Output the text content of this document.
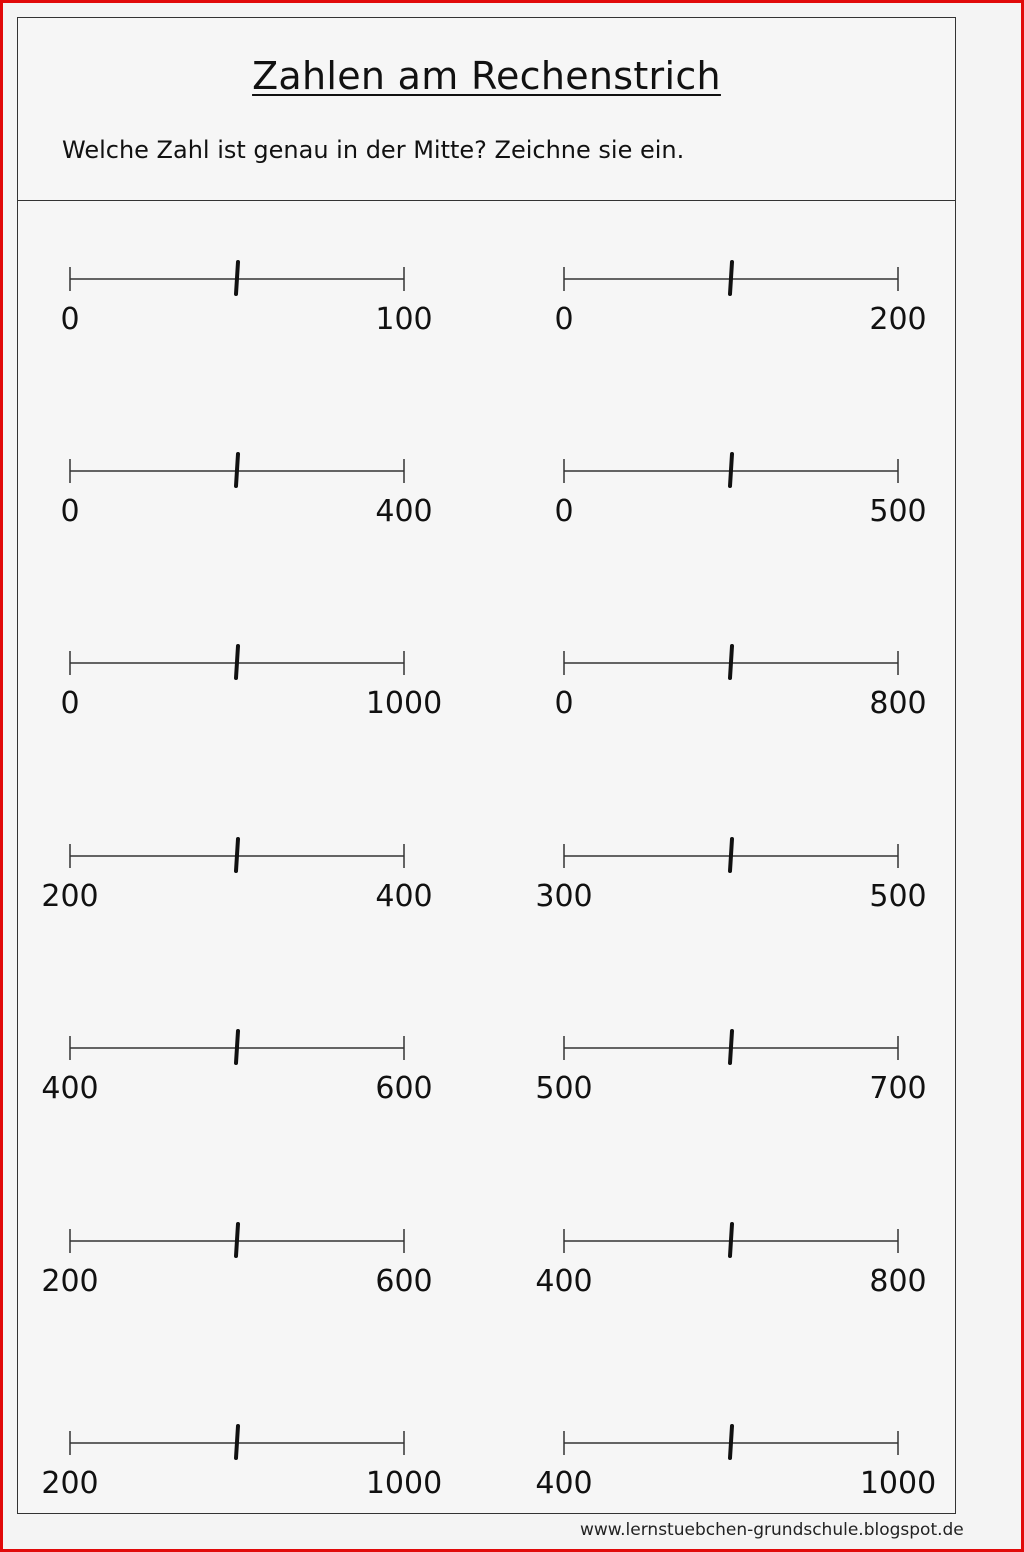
Zahlen am Rechenstrich
Welche Zahl ist genau in der Mitte? Zeichne sie ein.
0	100	0	200
0	400	0	500
0	1000	0	800
200	400	300	500
400	600	500	700
200	600	400	800
200	1000	400	1000
www.lernstuebchen-grundschule.blogspot.de
